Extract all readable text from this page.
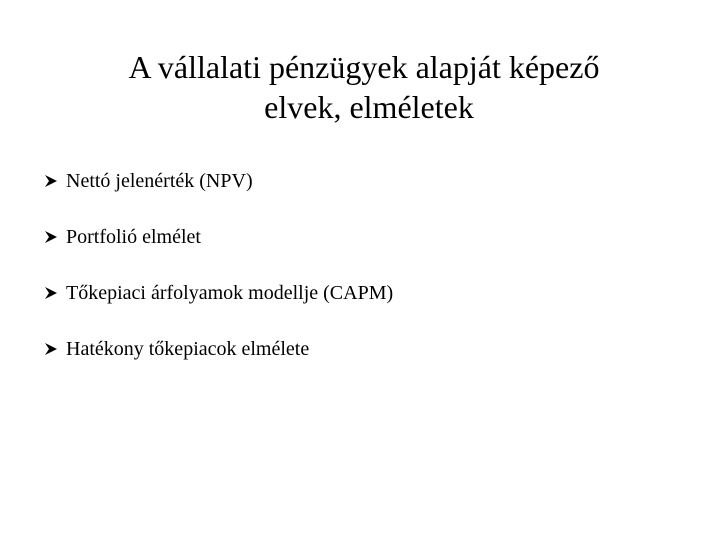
A vállalati pénzügyek alapját képező
elvek, elméletek
Nettó jelenérték (NPV)
Portfolió elmélet
Tőkepiaci árfolyamok modellje (CAPM)
Hatékony tőkepiacok elmélete
